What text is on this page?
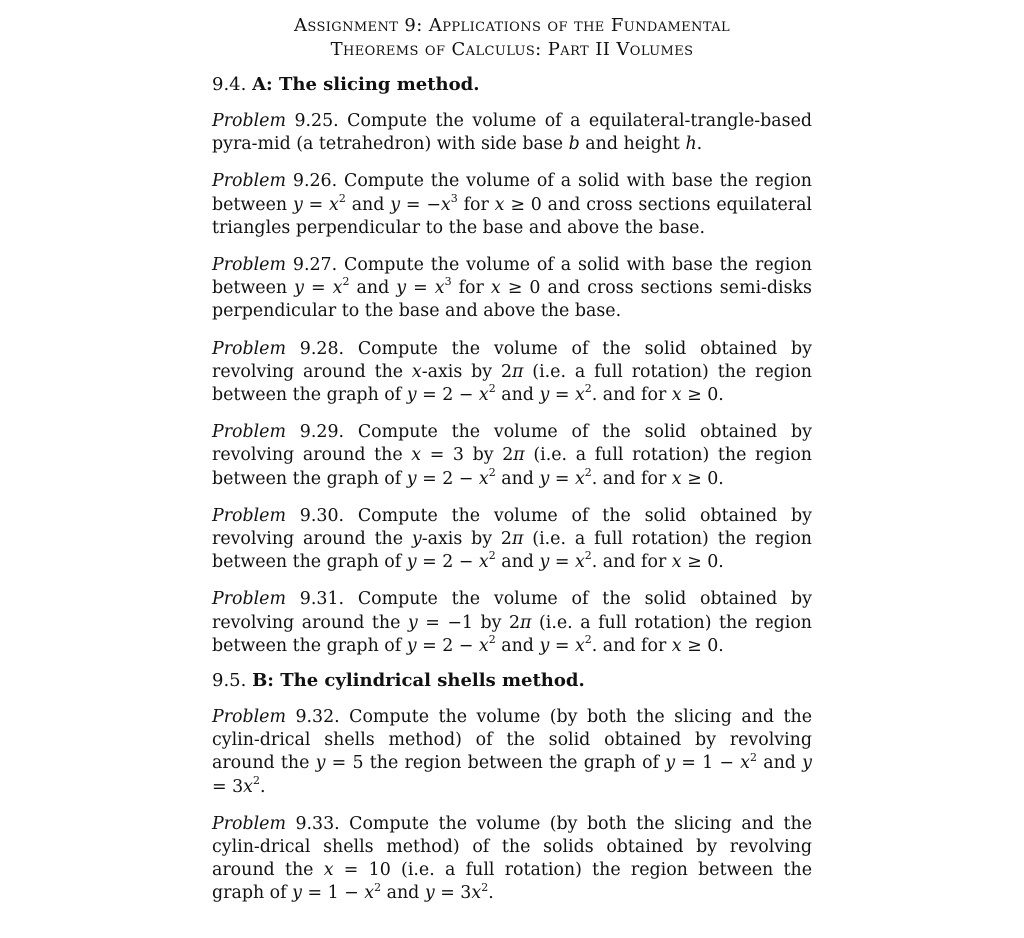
Assignment 9: Applications of the Fundamental
Theorems of Calculus: Part II Volumes
9.4. A: The slicing method.
Problem 9.25. Compute the volume of a equilateral-trangle-based pyra-mid (a tetrahedron) with side base b and height h.
Problem 9.26. Compute the volume of a solid with base the region between $y = x^2$ and $y = -x^3$ for x ≥ 0 and cross sections equilateral triangles perpendicular to the base and above the base.
Problem 9.27. Compute the volume of a solid with base the region between $y = x^2$ and $y = x^3$ for x ≥ 0 and cross sections semi-disks perpendicular to the base and above the base.
Problem 9.28. Compute the volume of the solid obtained by revolving around the x-axis by 2π (i.e. a full rotation) the region between the graph of $y = 2 - x^2$ and $y = x^2$. and for x ≥ 0.
Problem 9.29. Compute the volume of the solid obtained by revolving around the x = 3 by 2π (i.e. a full rotation) the region between the graph of $y = 2 - x^2$ and $y = x^2$. and for x ≥ 0.
Problem 9.30. Compute the volume of the solid obtained by revolving around the y-axis by 2π (i.e. a full rotation) the region between the graph of $y = 2 - x^2$ and $y = x^2$. and for x ≥ 0.
Problem 9.31. Compute the volume of the solid obtained by revolving around the y = −1 by 2π (i.e. a full rotation) the region between the graph of $y = 2 - x^2$ and $y = x^2$. and for x ≥ 0.
9.5. B: The cylindrical shells method.
Problem 9.32. Compute the volume (by both the slicing and the cylin-drical shells method) of the solid obtained by revolving around the y = 5 the region between the graph of $y = 1 - x^2$ and $y = 3x^2$.
Problem 9.33. Compute the volume (by both the slicing and the cylin-drical shells method) of the solids obtained by revolving around the x = 10 (i.e. a full rotation) the region between the graph of $y = 1 - x^2$ and $y = 3x^2$.
